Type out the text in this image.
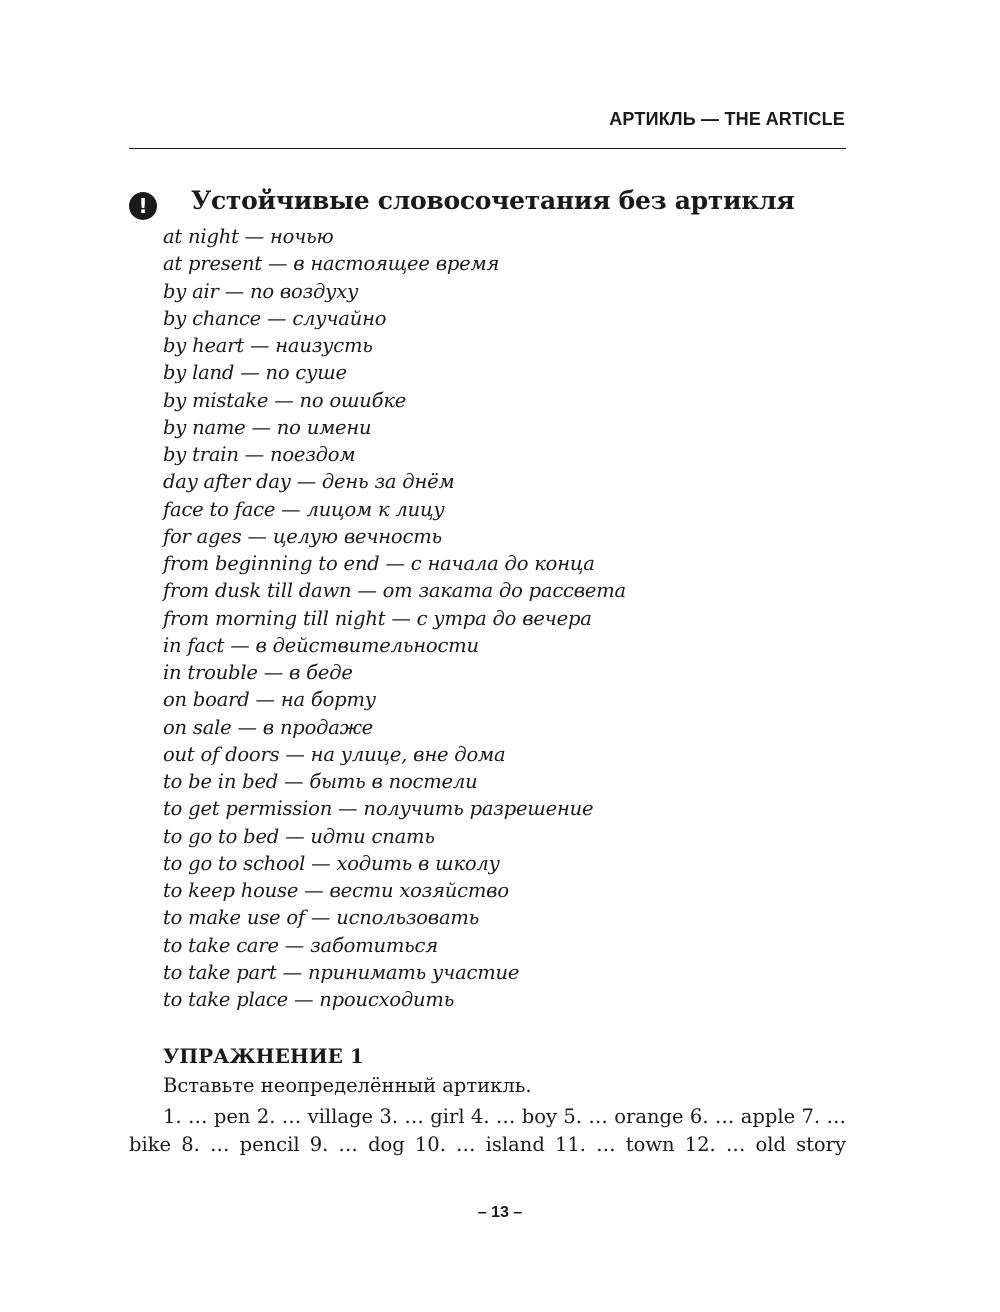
АРТИКЛЬ — THE ARTICLE
!	Устойчивые словосочетания без артикля
at night — ночью
at present — в настоящее время
by air — по воздуху
by chance — случайно
by heart — наизусть
by land — по суше
by mistake — по ошибке
by name — по имени
by train — поездом
day after day — день за днём
face to face — лицом к лицу
for ages — целую вечность
from beginning to end — с начала до конца
from dusk till dawn — от заката до рассвета
from morning till night — с утра до вечера
in fact — в действительности
in trouble — в беде
on board — на борту
on sale — в продаже
out of doors — на улице, вне дома
to be in bed — быть в постели
to get permission — получить разрешение
to go to bed — идти спать
to go to school — ходить в школу
to keep house — вести хозяйство
to make use of — использовать
to take care — заботиться
to take part — принимать участие
to take place — происходить
УПРАЖНЕНИЕ 1

Вставьте неопределённый артикль.

1. … pen 2. … village 3. … girl 4. … boy 5. … orange 6. … apple 7. … bike 8. … pencil 9. … dog 10. … island 11. … town 12. … old story

– 13 –
